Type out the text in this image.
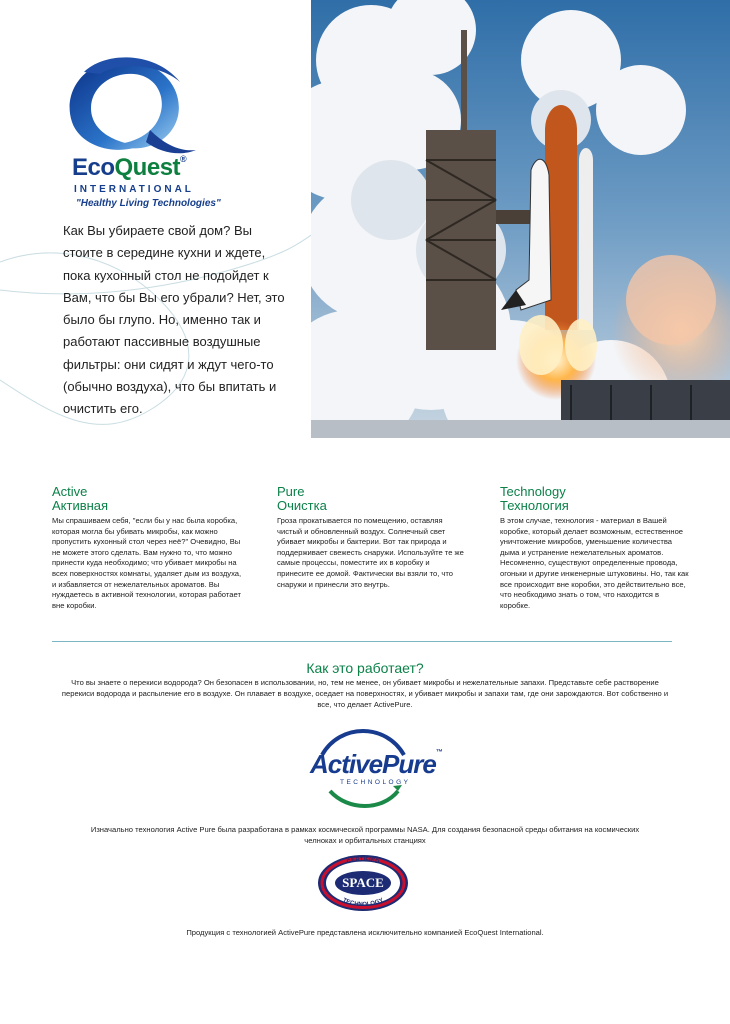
EcoQuest®
INTERNATIONAL
"Healthy Living Technologies"
Как Вы убираете свой дом? Вы стоите в середине кухни и ждете, пока кухонный стол не подойдет к Вам, что бы Вы его убрали? Нет, это было бы глупо. Но, именно так и работают пассивные воздушные фильтры: они сидят и ждут чего-то (обычно воздуха), что бы впитать и очистить его.
Active
Активная

Мы спрашиваем себя, "если бы у нас была коробка, которая могла бы убивать микробы, как можно пропустить кухонный стол через неё?" Очевидно, Вы не можете этого сделать. Вам нужно то, что можно принести куда необходимо; что убивает микробы на всех поверхностях комнаты, удаляет дым из воздуха, и избавляется от нежелательных ароматов. Вы нуждаетесь в активной технологии, которая работает вне коробки.

Pure
Очистка

Гроза прокатывается по помещению, оставляя чистый и обновленный воздух. Солнечный свет убивает микробы и бактерии. Вот так природа и поддерживает свежесть снаружи. Используйте те же самые процессы, поместите их в коробку и принесите ее домой. Фактически вы взяли то, что снаружи и принесли это внутрь.

Technology
Технология

В этом случае, технология - материал в Вашей коробке, который делает возможным, естественное уничтожение микробов, уменьшение количества дыма и устранение нежелательных ароматов. Несомненно, существуют определенные провода, огоньки и другие инженерные штуковины. Но, так как все происходит вне коробки, это действительно все, что необходимо знать о том, что находится в коробке.

Как это работает?
Что вы знаете о перекиси водорода? Он безопасен в использовании, но, тем не менее, он убивает микробы и нежелательные запахи. Представьте себе растворение перекиси водорода и распыление его в воздухе. Он плавает в воздухе, оседает на поверхностях, и убивает микробы и запахи там, где они зарождаются. Вот собственно и все, что делает ActivePure.
ActivePure™
TECHNOLOGY
Изначально технология Active Pure была разработана в рамках космической программы NASA. Для создания безопасной среды обитания на космических челноках и орбитальных станциях
CERTIFIED
SPACE
TECHNOLOGY
Продукция с технологией ActivePure представлена исключительно компанией EcoQuest International.
